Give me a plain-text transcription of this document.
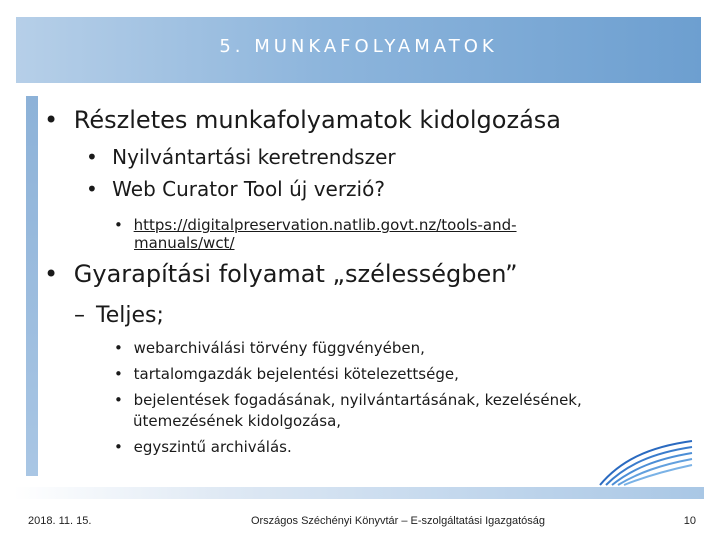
5. MUNKAFOLYAMATOK
• Részletes munkafolyamatok kidolgozása
• Nyilvántartási keretrendszer
• Web Curator Tool új verzió?
• https://digitalpreservation.natlib.govt.nz/tools-and-
manuals/wct/
• Gyarapítási folyamat „szélességben”
– Teljes;
• webarchiválási törvény függvényében,
• tartalomgazdák bejelentési kötelezettsége,
• bejelentések fogadásának, nyilvántartásának, kezelésének,
ütemezésének kidolgozása,
• egyszintű archiválás.
2018. 11. 15.	Országos Széchényi Könyvtár – E-szolgáltatási Igazgatóság	10
